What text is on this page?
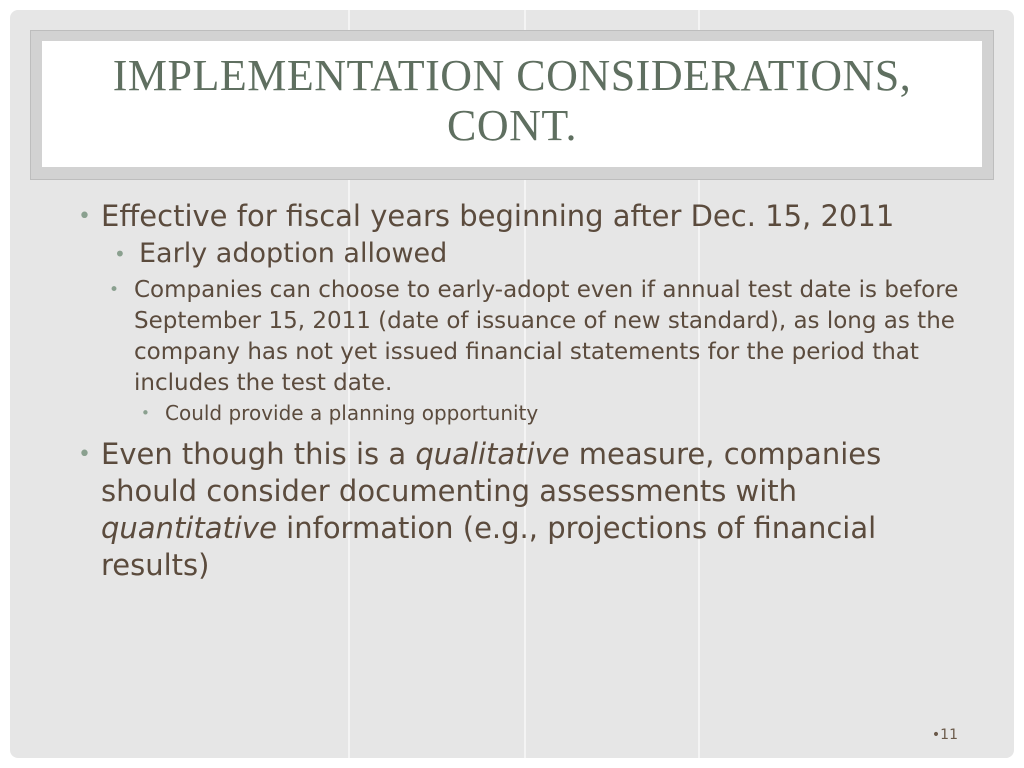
IMPLEMENTATION CONSIDERATIONS, CONT.
• Effective for fiscal years beginning after Dec. 15, 2011
• Early adoption allowed
• Companies can choose to early-adopt even if annual test date is before September 15, 2011 (date of issuance of new standard), as long as the company has not yet issued financial statements for the period that includes the test date.
• Could provide a planning opportunity
• Even though this is a qualitative measure, companies should consider documenting assessments with quantitative information (e.g., projections of financial results)
•11
